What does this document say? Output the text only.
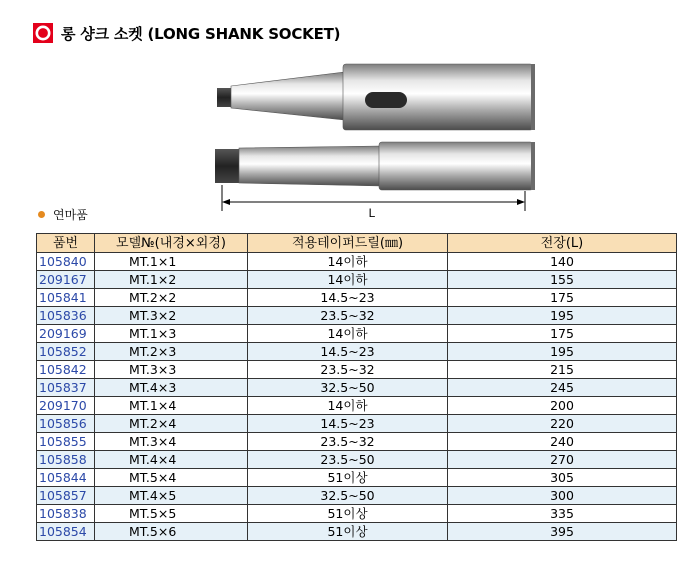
롱 샹크 소켓 (LONG SHANK SOCKET)
L
연마품
품번	모델№(내경×외경)	적용테이퍼드릴(㎜)	전장(L)
105840	MT.1×1	14이하	140
209167	MT.1×2	14이하	155
105841	MT.2×2	14.5~23	175
105836	MT.3×2	23.5~32	195
209169	MT.1×3	14이하	175
105852	MT.2×3	14.5~23	195
105842	MT.3×3	23.5~32	215
105837	MT.4×3	32.5~50	245
209170	MT.1×4	14이하	200
105856	MT.2×4	14.5~23	220
105855	MT.3×4	23.5~32	240
105858	MT.4×4	23.5~50	270
105844	MT.5×4	51이상	305
105857	MT.4×5	32.5~50	300
105838	MT.5×5	51이상	335
105854	MT.5×6	51이상	395
